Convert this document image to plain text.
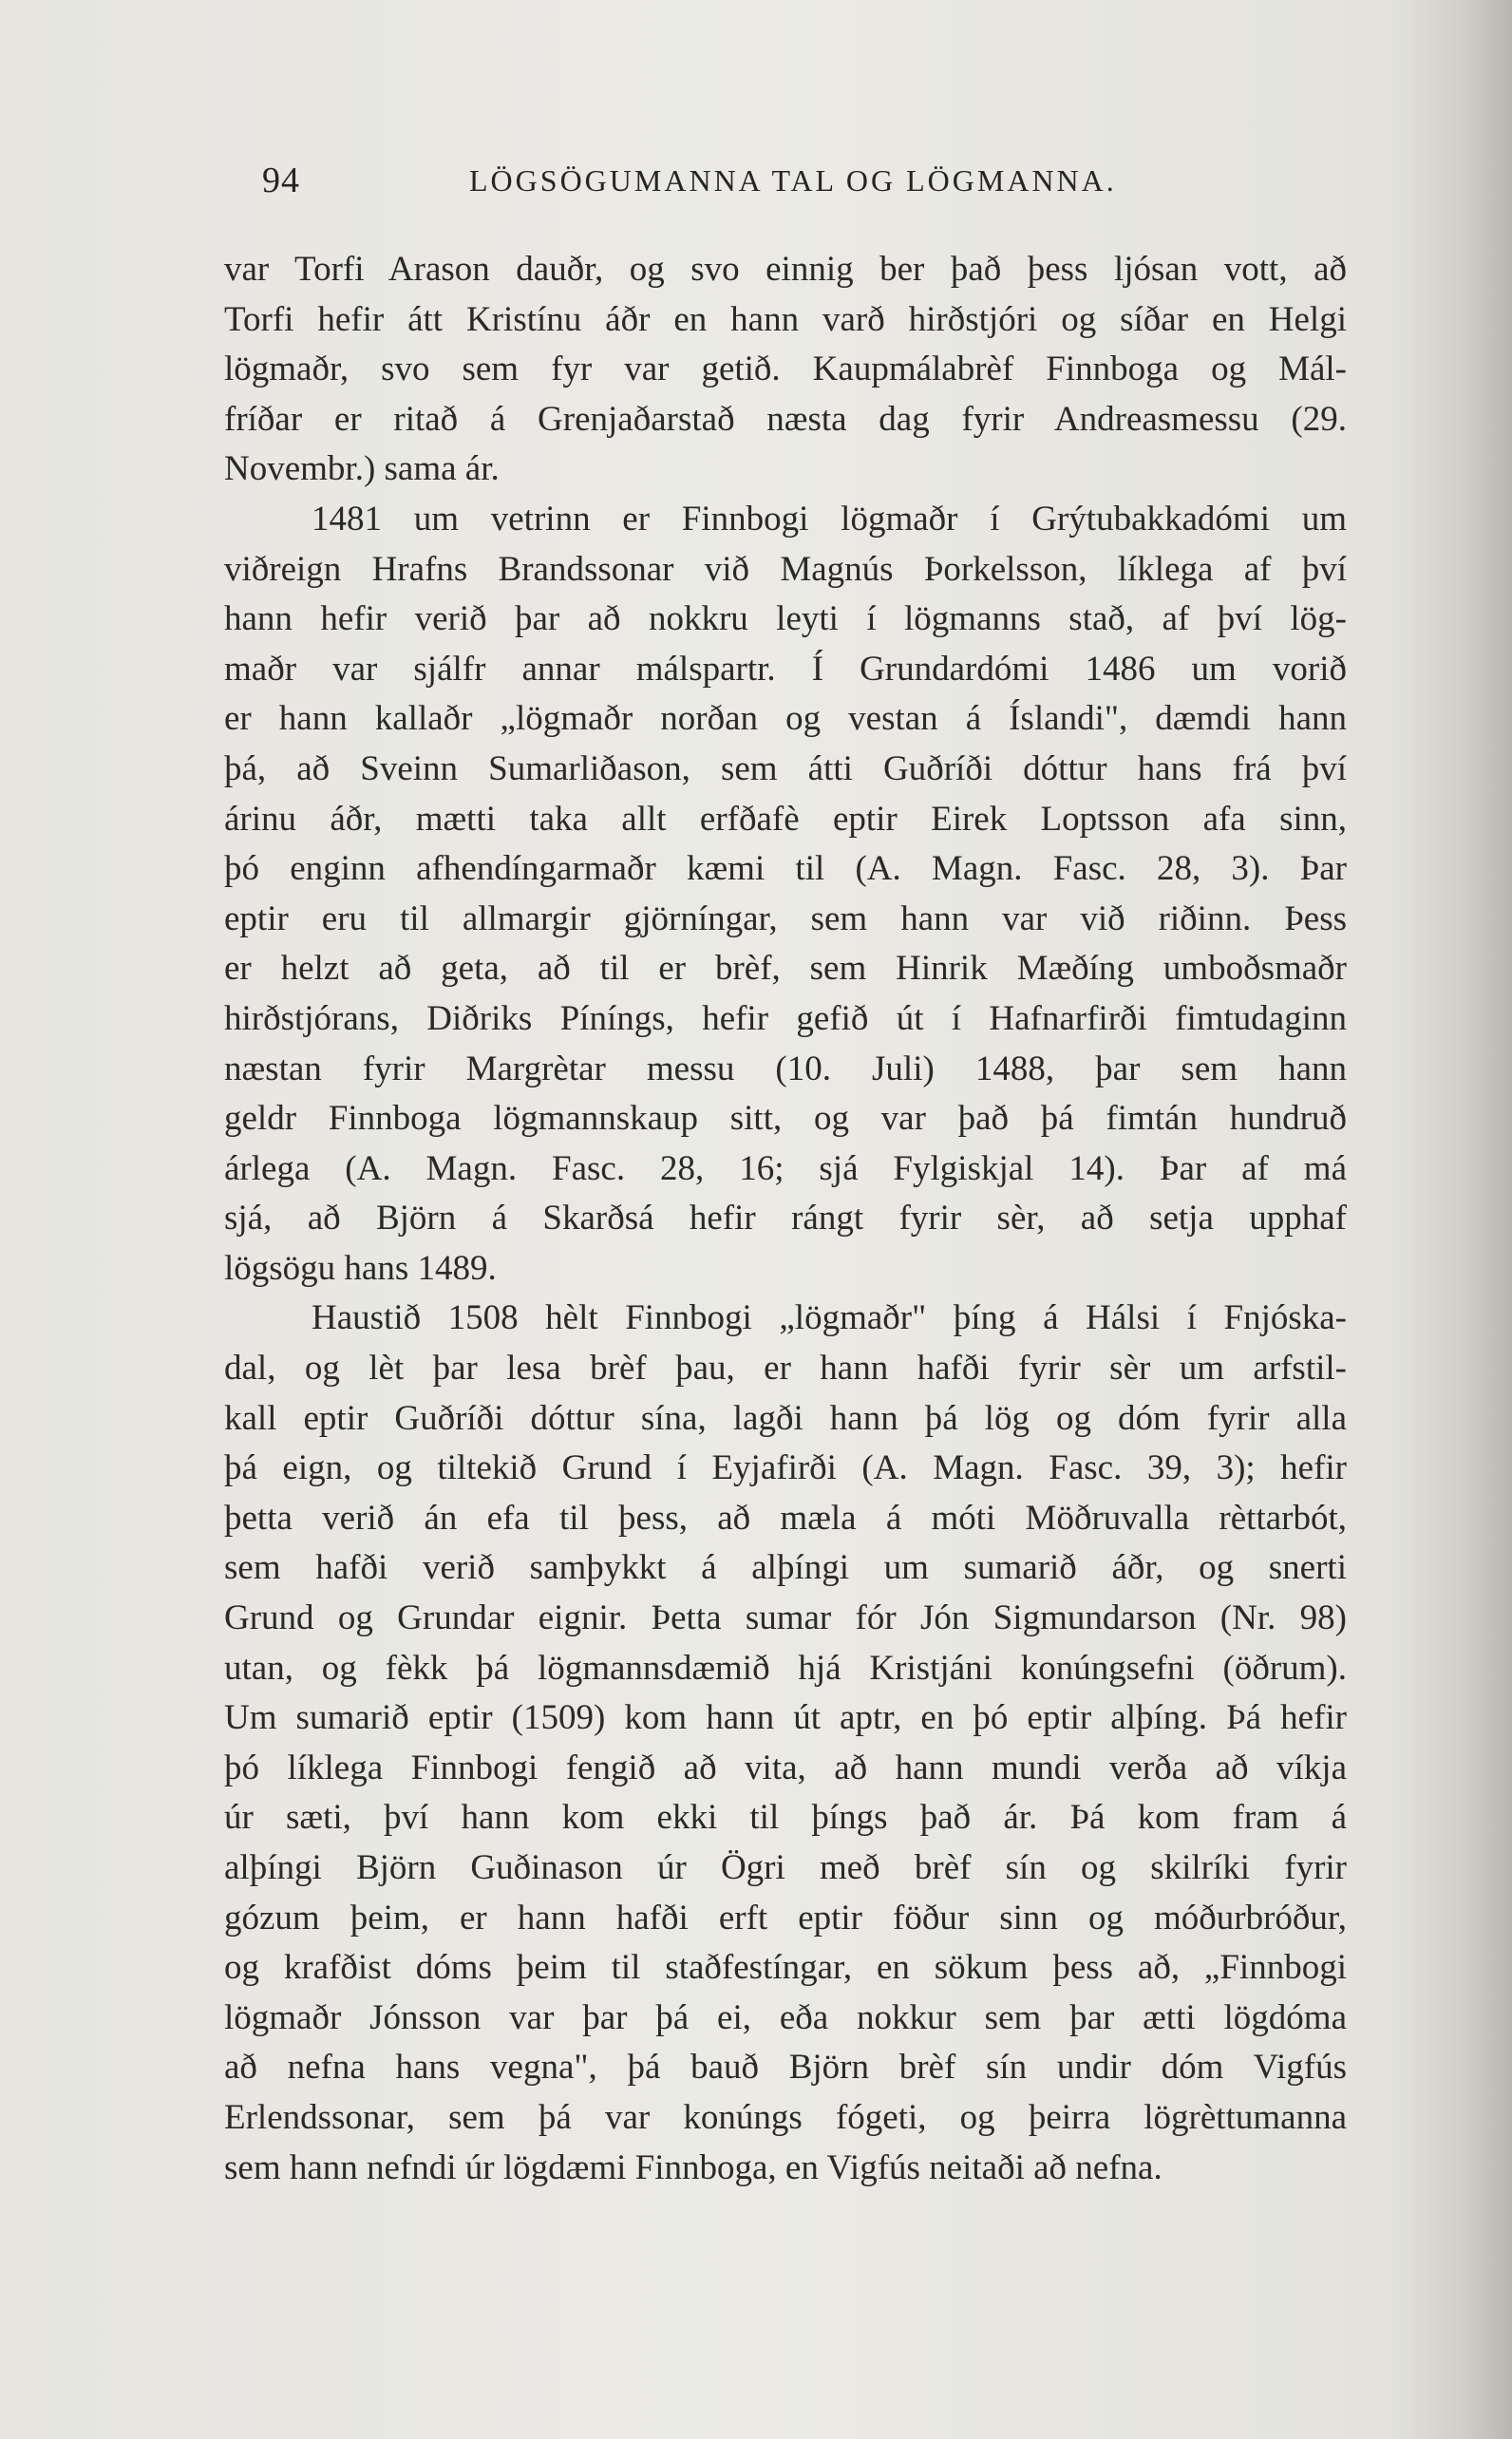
94	LÖGSÖGUMANNA TAL OG LÖGMANNA.
var Torfi Arason dauðr, og svo einnig ber það þess ljósan vott, að
Torfi hefir átt Kristínu áðr en hann varð hirðstjóri og síðar en Helgi
lögmaðr, svo sem fyr var getið. Kaupmálabrèf Finnboga og Mál-
fríðar er ritað á Grenjaðarstað næsta dag fyrir Andreasmessu (29.
Novembr.) sama ár.
1481 um vetrinn er Finnbogi lögmaðr í Grýtubakkadómi um
viðreign Hrafns Brandssonar við Magnús Þorkelsson, líklega af því
hann hefir verið þar að nokkru leyti í lögmanns stað, af því lög-
maðr var sjálfr annar málspartr. Í Grundardómi 1486 um vorið
er hann kallaðr „lögmaðr norðan og vestan á Íslandi", dæmdi hann
þá, að Sveinn Sumarliðason, sem átti Guðríði dóttur hans frá því
árinu áðr, mætti taka allt erfðafè eptir Eirek Loptsson afa sinn,
þó enginn afhendíngarmaðr kæmi til (A. Magn. Fasc. 28, 3). Þar
eptir eru til allmargir gjörníngar, sem hann var við riðinn. Þess
er helzt að geta, að til er brèf, sem Hinrik Mæðíng umboðsmaðr
hirðstjórans, Diðriks Píníngs, hefir gefið út í Hafnarfirði fimtudaginn
næstan fyrir Margrètar messu (10. Juli) 1488, þar sem hann
geldr Finnboga lögmannskaup sitt, og var það þá fimtán hundruð
árlega (A. Magn. Fasc. 28, 16; sjá Fylgiskjal 14). Þar af má
sjá, að Björn á Skarðsá hefir rángt fyrir sèr, að setja upphaf
lögsögu hans 1489.
Haustið 1508 hèlt Finnbogi „lögmaðr" þíng á Hálsi í Fnjóska-
dal, og lèt þar lesa brèf þau, er hann hafði fyrir sèr um arfstil-
kall eptir Guðríði dóttur sína, lagði hann þá lög og dóm fyrir alla
þá eign, og tiltekið Grund í Eyjafirði (A. Magn. Fasc. 39, 3); hefir
þetta verið án efa til þess, að mæla á móti Möðruvalla rèttarbót,
sem hafði verið samþykkt á alþíngi um sumarið áðr, og snerti
Grund og Grundar eignir. Þetta sumar fór Jón Sigmundarson (Nr. 98)
utan, og fèkk þá lögmannsdæmið hjá Kristjáni konúngsefni (öðrum).
Um sumarið eptir (1509) kom hann út aptr, en þó eptir alþíng. Þá hefir
þó líklega Finnbogi fengið að vita, að hann mundi verða að víkja
úr sæti, því hann kom ekki til þíngs það ár. Þá kom fram á
alþíngi Björn Guðinason úr Ögri með brèf sín og skilríki fyrir
gózum þeim, er hann hafði erft eptir föður sinn og móðurbróður,
og krafðist dóms þeim til staðfestíngar, en sökum þess að, „Finnbogi
lögmaðr Jónsson var þar þá ei, eða nokkur sem þar ætti lögdóma
að nefna hans vegna", þá bauð Björn brèf sín undir dóm Vigfús
Erlendssonar, sem þá var konúngs fógeti, og þeirra lögrèttumanna
sem hann nefndi úr lögdæmi Finnboga, en Vigfús neitaði að nefna.
